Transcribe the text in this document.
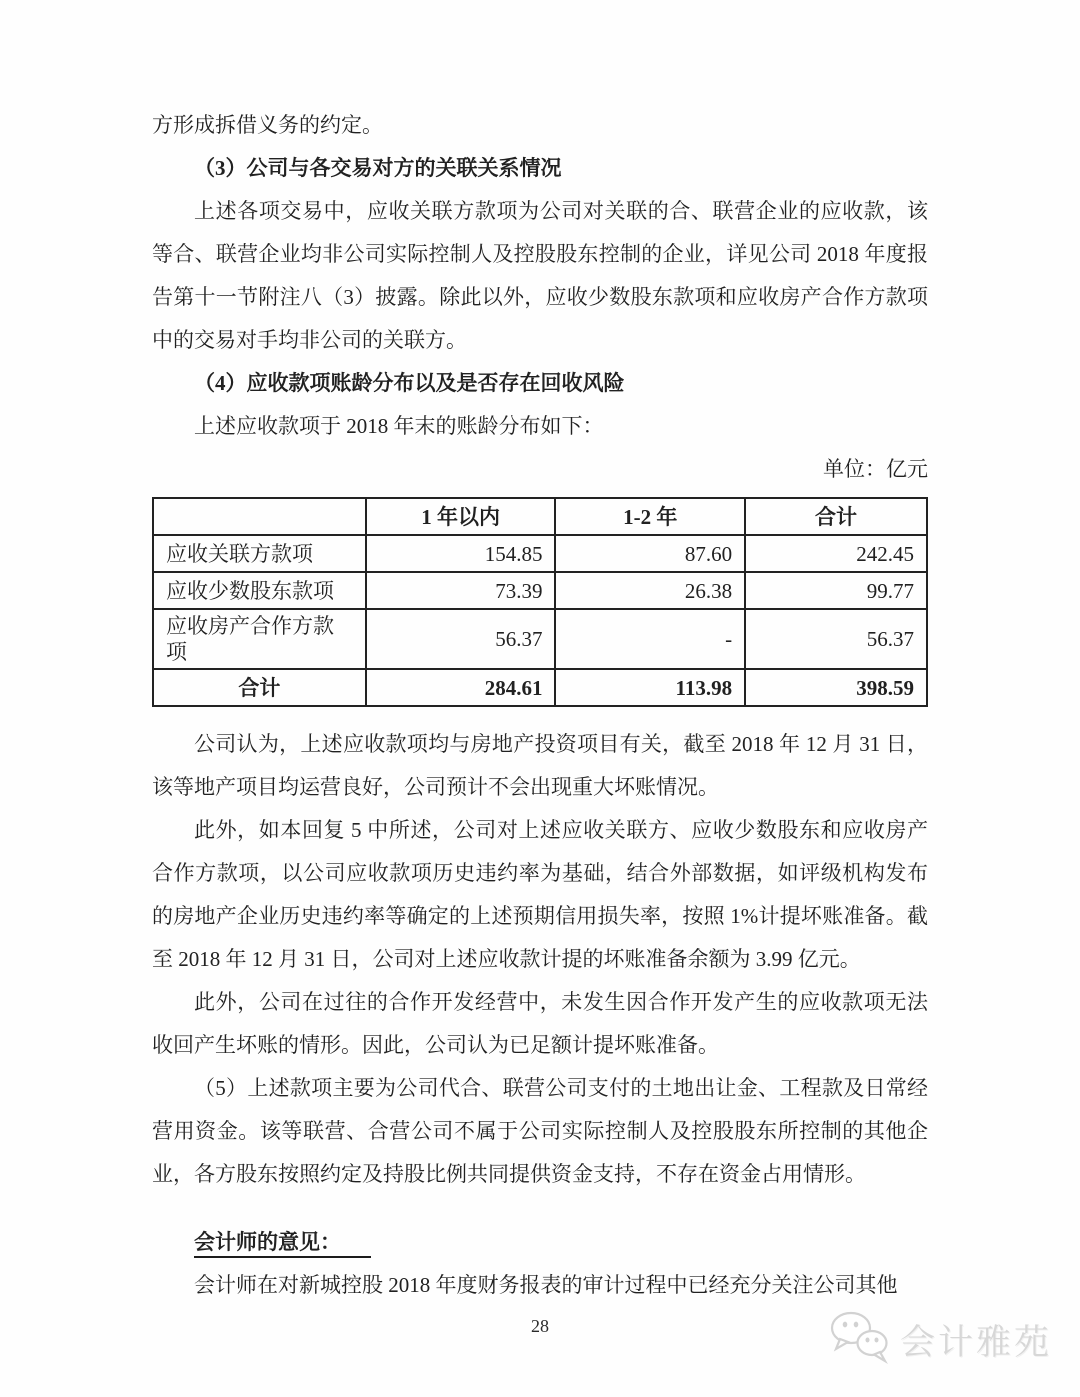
方形成拆借义务的约定。

（3）公司与各交易对方的关联关系情况

上述各项交易中，应收关联方款项为公司对关联的合、联营企业的应收款，该等合、联营企业均非公司实际控制人及控股股东控制的企业，详见公司 2018 年度报告第十一节附注八（3）披露。除此以外，应收少数股东款项和应收房产合作方款项中的交易对手均非公司的关联方。

（4）应收款项账龄分布以及是否存在回收风险

上述应收款项于 2018 年末的账龄分布如下：

单位：亿元

	1 年以内	1-2 年	合计
应收关联方款项	154.85	87.60	242.45
应收少数股东款项	73.39	26.38	99.77
应收房产合作方款项	56.37	-	56.37
合计	284.61	113.98	398.59

公司认为，上述应收款项均与房地产投资项目有关，截至 2018 年 12 月 31 日，该等地产项目均运营良好，公司预计不会出现重大坏账情况。

此外，如本回复 5 中所述，公司对上述应收关联方、应收少数股东和应收房产合作方款项，以公司应收款项历史违约率为基础，结合外部数据，如评级机构发布的房地产企业历史违约率等确定的上述预期信用损失率，按照 1%计提坏账准备。截至 2018 年 12 月 31 日，公司对上述应收款计提的坏账准备余额为 3.99 亿元。

此外，公司在过往的合作开发经营中，未发生因合作开发产生的应收款项无法收回产生坏账的情形。因此，公司认为已足额计提坏账准备。

（5）上述款项主要为公司代合、联营公司支付的土地出让金、工程款及日常经营用资金。该等联营、合营公司不属于公司实际控制人及控股股东所控制的其他企业，各方股东按照约定及持股比例共同提供资金支持，不存在资金占用情形。

会计师的意见：

会计师在对新城控股 2018 年度财务报表的审计过程中已经充分关注公司其他

28	会计雅苑
